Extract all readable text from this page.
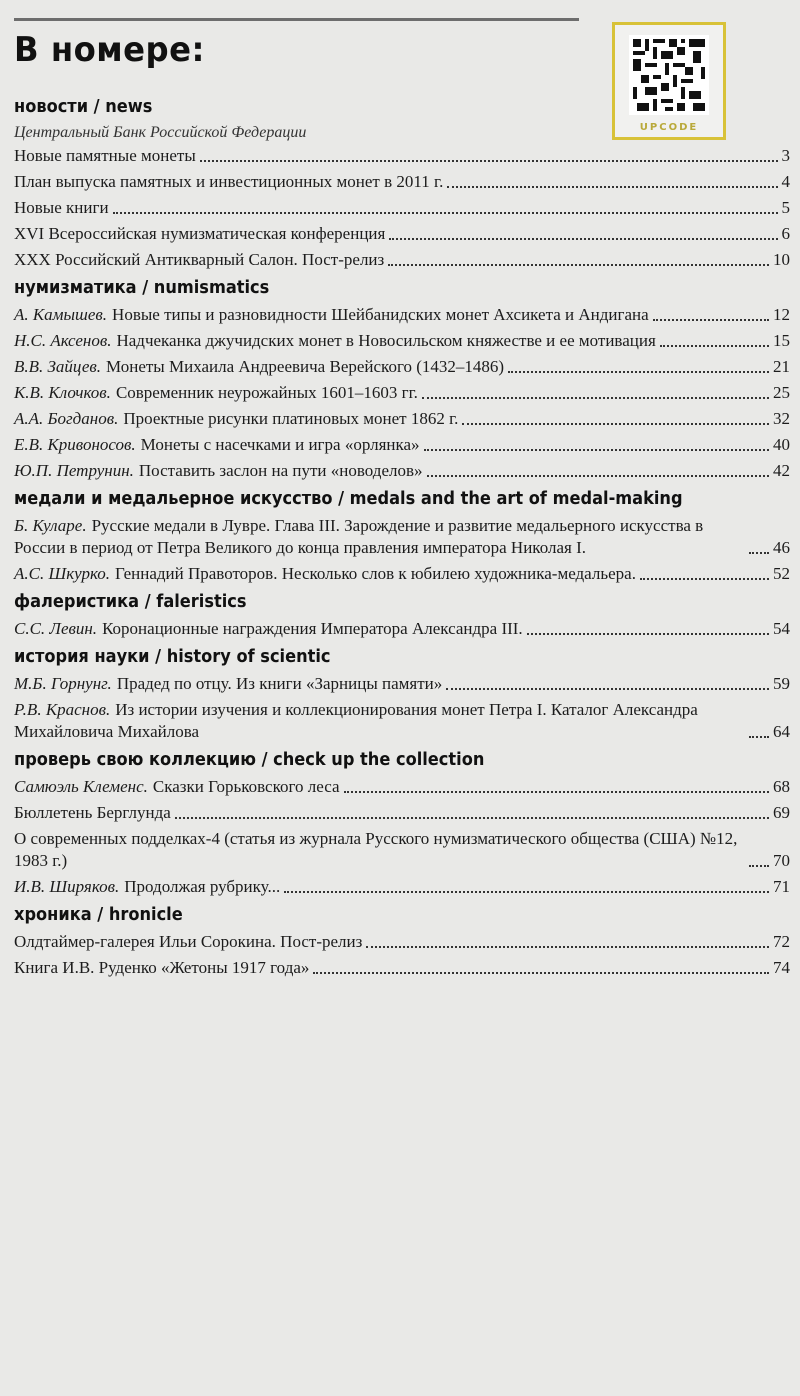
В номере:
UPCODE
новости / news
Центральный Банк Российской Федерации
Новые памятные монеты	3
План выпуска памятных и инвестиционных монет в 2011 г.	4
Новые книги	5
XVI Всероссийская нумизматическая конференция	6
XXX Российский Антикварный Салон. Пост-релиз	10
нумизматика / numismatics
А. Камышев. Новые типы и разновидности Шейбанидских монет Ахсикета и Андигана	12
Н.С. Аксенов. Надчеканка джучидских монет в Новосильском княжестве и ее мотивация	15
В.В. Зайцев. Монеты Михаила Андреевича Верейского (1432–1486)	21
К.В. Клочков. Современник неурожайных 1601–1603 гг.	25
А.А. Богданов. Проектные рисунки платиновых монет 1862 г.	32
Е.В. Кривоносов. Монеты с насечками и игра «орлянка»	40
Ю.П. Петрунин. Поставить заслон на пути «новоделов»	42
медали и медальерное искусство / medals and the art of medal-making
Б. Куларе. Русские медали в Лувре. Глава III. Зарождение и развитие медальерного искусства в России в период от Петра Великого до конца правления императора Николая I.	46
А.С. Шкурко. Геннадий Правоторов. Несколько слов к юбилею художника-медальера.	52
фалеристика / faleristics
С.С. Левин. Коронационные награждения Императора Александра III.	54
история науки / history of scientic
М.Б. Горнунг. Прадед по отцу. Из книги «Зарницы памяти»	59
Р.В. Краснов. Из истории изучения и коллекционирования монет Петра I. Каталог Александра Михайловича Михайлова	64
проверь свою коллекцию / check up the collection
Самюэль Клеменс. Сказки Горьковского леса	68
Бюллетень Берглунда	69
О современных подделках-4 (статья из журнала Русского нумизматического общества (США) №12, 1983 г.)	70
И.В. Ширяков. Продолжая рубрику...	71
хроника / hronicle
Олдтаймер-галерея Ильи Сорокина. Пост-релиз	72
Книга И.В. Руденко «Жетоны 1917 года»	74
